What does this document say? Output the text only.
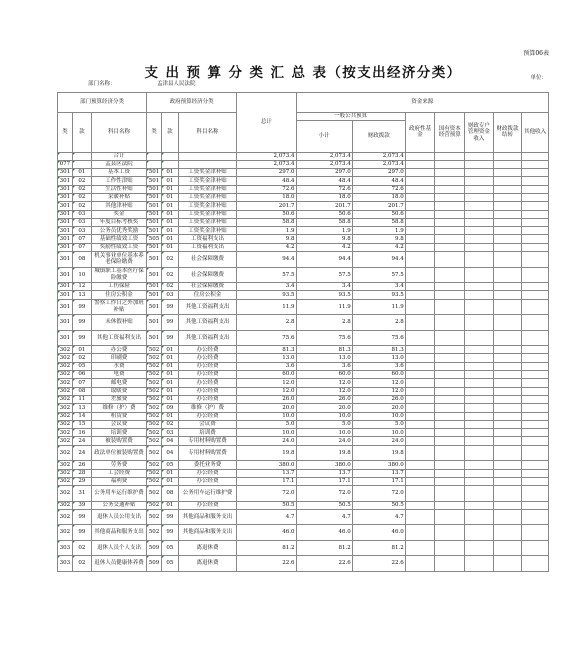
预算06表
支 出 预 算 分 类 汇 总 表（按支出经济分类）
部门名称：	孟津县人民法院
单位：
部门预算经济分类			政府预算经济分类			总计	资金来源						
类	款	科目名称	类	款	科目名称		一般公共预算		政府性基金	国有资本经营预算	财政专户管理资金收入	财政拨款结转	其他收入
							小计	财政拨款					
		合计				2,073.4	2,073.4	2,073.4					
077		孟县区法院				2,073.4	2,073.4	2,073.4					
301	01	基本工资	501	01	工资奖金津补贴	297.0	297.0	297.0					
301	02	工作性津贴	501	01	工资奖金津补贴	48.4	48.4	48.4					
301	02	生活性补贴	501	01	工资奖金津补贴	72.6	72.6	72.6					
301	02	采暖补贴	501	01	工资奖金津补贴	18.0	18.0	18.0					
301	02	其他津补贴	501	01	工资奖金津补贴	201.7	201.7	201.7					
301	03	奖金	501	01	工资奖金津补贴	50.6	50.6	50.6					
301	03	年度目标考核奖	501	01	工资奖金津补贴	58.8	58.8	58.8					
301	03	公务员优秀奖励	501	01	工资奖金津补贴	1.9	1.9	1.9					
301	07	基础性绩效工资	505	01	工资福利支出	9.8	9.8	9.8					
301	07	奖励性绩效工资	501	01	工资福利支出	4.2	4.2	4.2					
301	08	机关事业单位基本养老保险缴费	501	02	社会保障缴费	94.4	94.4	94.4					
301	10	城镇职工基本医疗保险缴费	501	02	社会保障缴费	57.5	57.5	57.5					
301	12	工伤保险	501	02	社会保障缴费	3.4	3.4	3.4					
301	13	住房公积金	501	03	住房公积金	93.5	93.5	93.5					
301	99	警察工作日之外加班补贴	501	99	其他工资福利支出	11.9	11.9	11.9					
301	99	未休假补贴	501	99	其他工资福利支出	2.8	2.8	2.8					
301	99	其他工资福利支出	501	99	其他工资福利支出	75.6	75.6	75.6					
302	01	办公费	502	01	办公经费	81.3	81.3	81.3					
302	02	印刷费	502	01	办公经费	13.0	13.0	13.0					
302	05	水费	502	01	办公经费	3.6	3.6	3.6					
302	06	电费	502	01	办公经费	60.0	60.0	60.0					
302	07	邮电费	502	01	办公经费	12.0	12.0	12.0					
302	08	取暖费	502	01	办公经费	12.0	12.0	12.0					
302	11	差旅费	502	01	办公经费	26.0	26.0	26.0					
302	13	维修（护）费	502	09	维修（护）费	20.0	20.0	20.0					
302	14	租赁费	502	01	办公经费	10.0	10.0	10.0					
302	15	会议费	502	02	会议费	5.0	5.0	5.0					
302	16	培训费	502	03	培训费	10.0	10.0	10.0					
302	24	被装购置费	502	04	专用材料购置费	24.0	24.0	24.0					
302	24	政法单位被装购置费	502	04	专用材料购置费	19.8	19.8	19.8					
302	26	劳务费	502	05	委托业务费	380.0	380.0	380.0					
302	28	工会经费	502	01	办公经费	13.7	13.7	13.7					
302	29	福利费	502	01	办公经费	17.1	17.1	17.1					
302	31	公务用车运行维护费	502	08	公务用车运行维护费	72.0	72.0	72.0					
302	39	公务交通补贴	502	01	办公经费	50.5	50.5	50.5					
302	99	退休人员公用支出	502	99	其他商品和服务支出	4.7	4.7	4.7					
302	99	其他商品和服务支出	502	99	其他商品和服务支出	46.0	46.0	46.0					
303	02	退休人员个人支出	509	05	离退休费	81.2	81.2	81.2					
303	02	退休人员健康体养费	509	05	离退休费	22.6	22.6	22.6					
